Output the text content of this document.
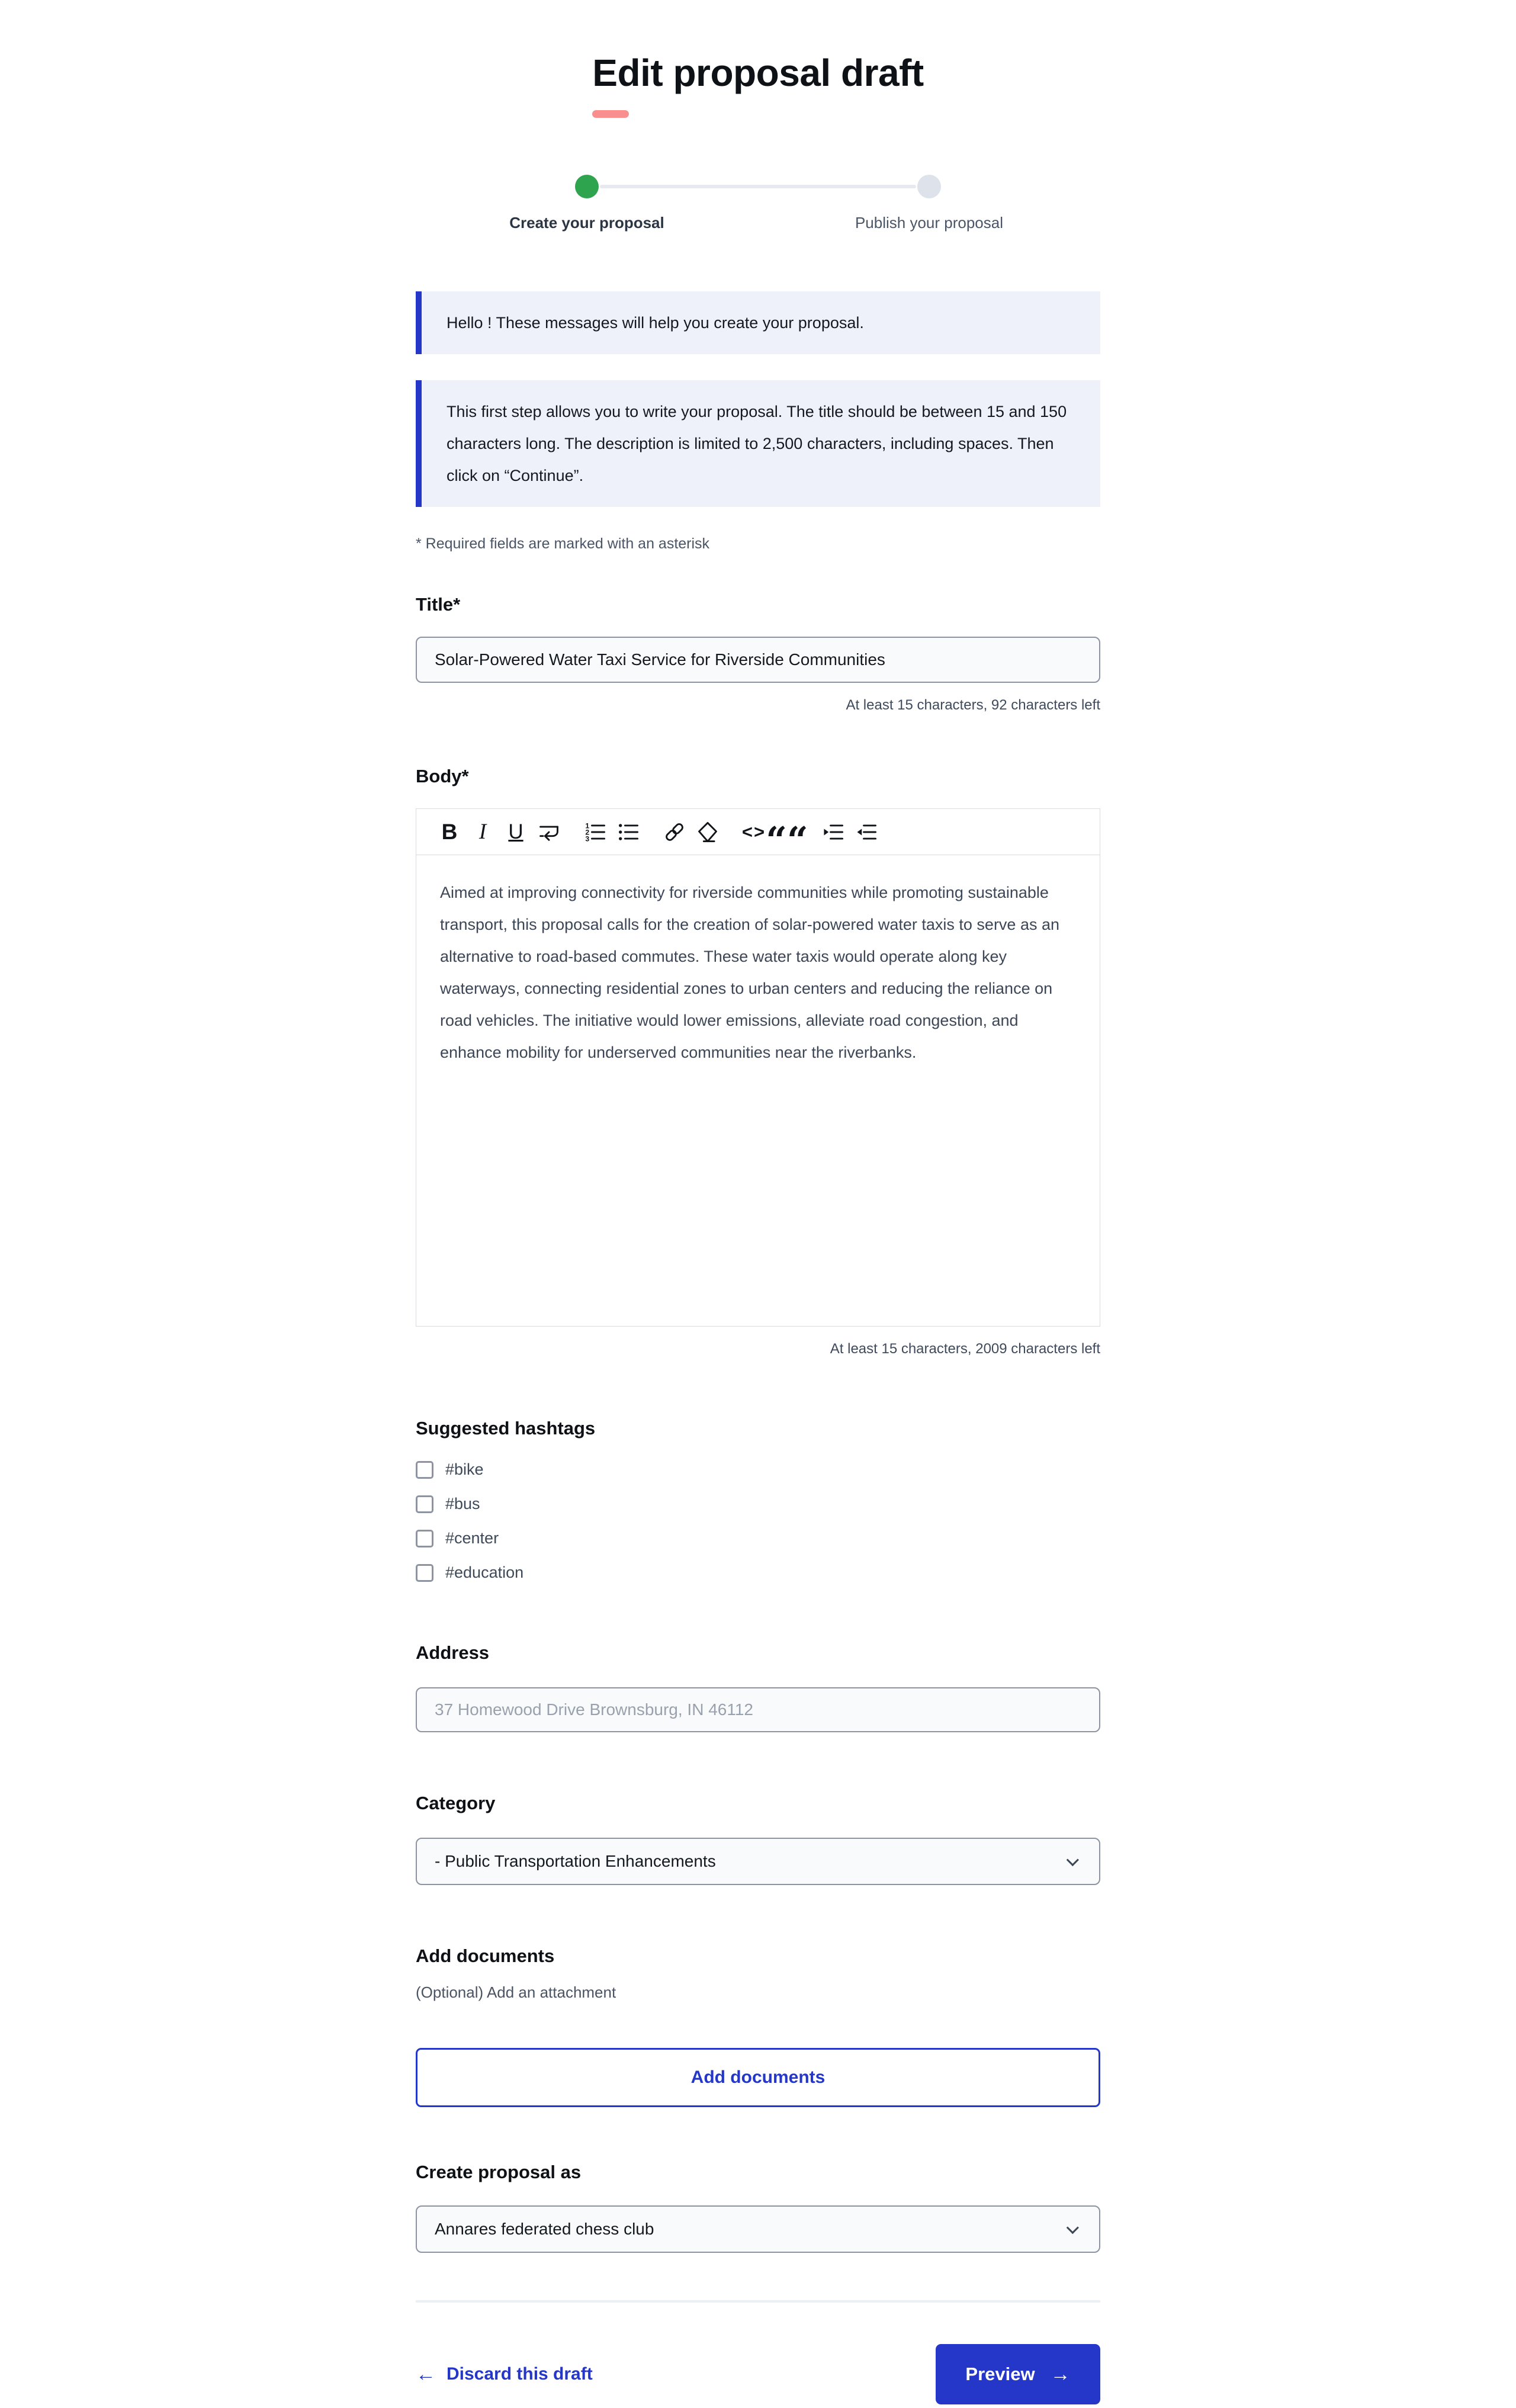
Edit proposal draft
Create your proposal	Publish your proposal
Hello ! These messages will help you create your proposal.
This first step allows you to write your proposal. The title should be between 15 and 150 characters long. The description is limited to 2,500 characters, including spaces. Then click on “Continue”.

* Required fields are marked with an asterisk

Title*
Solar-Powered Water Taxi Service for Riverside Communities
At least 15 characters, 92 characters left
Body*
B I U	1
2
3	<> ““
Aimed at improving connectivity for riverside communities while promoting sustainable transport, this proposal calls for the creation of solar-powered water taxis to serve as an alternative to road-based commutes. These water taxis would operate along key waterways, connecting residential zones to urban centers and reducing the reliance on road vehicles. The initiative would lower emissions, alleviate road congestion, and enhance mobility for underserved communities near the riverbanks.
At least 15 characters, 2009 characters left
Suggested hashtags
#bike
#bus
#center
#education
Address
37 Homewood Drive Brownsburg, IN 46112
Category
- Public Transportation Enhancements
Add documents

(Optional) Add an attachment

Add documents
Create proposal as
Annares federated chess club
← Discard this draft	Preview →
